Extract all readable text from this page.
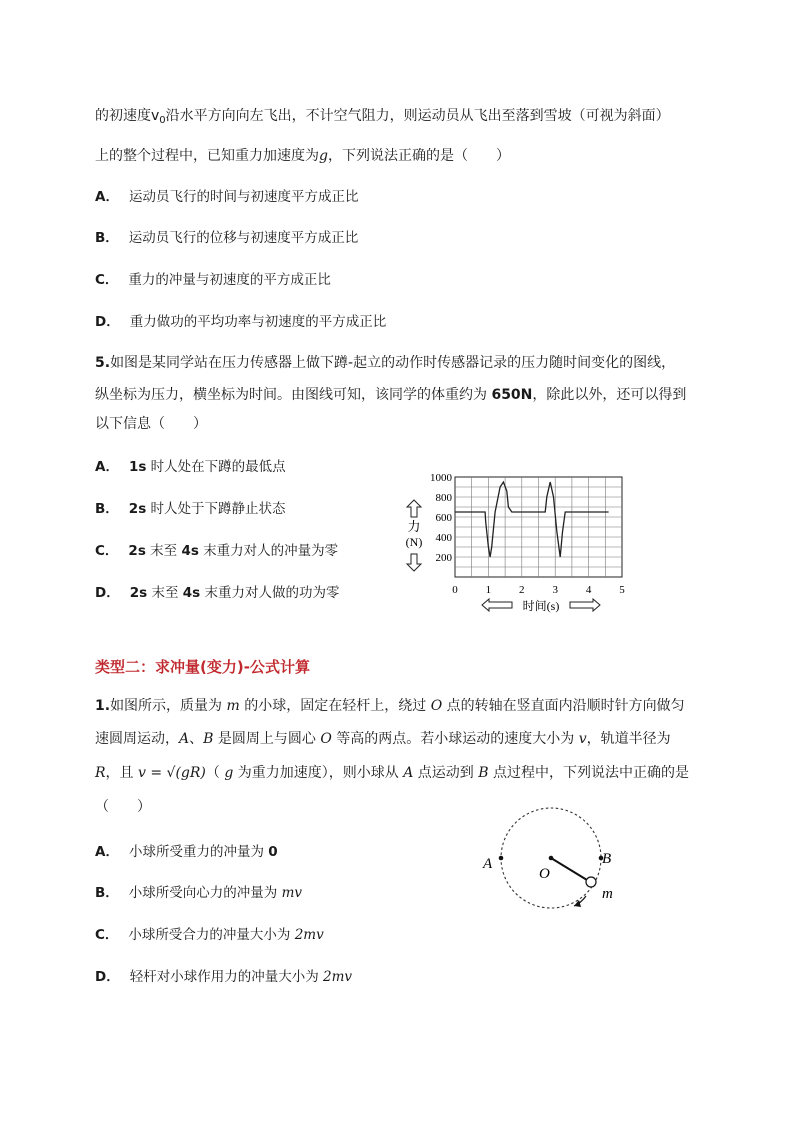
的初速度$v_0$沿水平方向向左飞出，不计空气阻力，则运动员从飞出至落到雪坡（可视为斜面）
上的整个过程中，已知重力加速度为g，下列说法正确的是（　　）
A． 运动员飞行的时间与初速度平方成正比
B． 运动员飞行的位移与初速度平方成正比
C． 重力的冲量与初速度的平方成正比
D． 重力做功的平均功率与初速度的平方成正比
5.如图是某同学站在压力传感器上做下蹲-起立的动作时传感器记录的压力随时间变化的图线，
纵坐标为压力，横坐标为时间。由图线可知，该同学的体重约为 650N，除此以外，还可以得到
以下信息（　　）
A． 1s 时人处在下蹲的最低点
B． 2s 时人处于下蹲静止状态
C． 2s 末至 4s 末重力对人的冲量为零
D． 2s 末至 4s 末重力对人做的功为零
200
400
600
800
1000
0	1	2	3	4	5
力
(N)
时间(s)
类型二：求冲量(变力)-公式计算
1.如图所示，质量为 m 的小球，固定在轻杆上，绕过 O 点的转轴在竖直面内沿顺时针方向做匀
速圆周运动，A、B 是圆周上与圆心 O 等高的两点。若小球运动的速度大小为 v，轨道半径为
R，且 v = √(gR)（ g 为重力加速度），则小球从 A 点运动到 B 点过程中，下列说法中正确的是
（　　）
A． 小球所受重力的冲量为 0
B． 小球所受向心力的冲量为 mv
C． 小球所受合力的冲量大小为 2mv
D． 轻杆对小球作用力的冲量大小为 2mv
A	B
O
m
